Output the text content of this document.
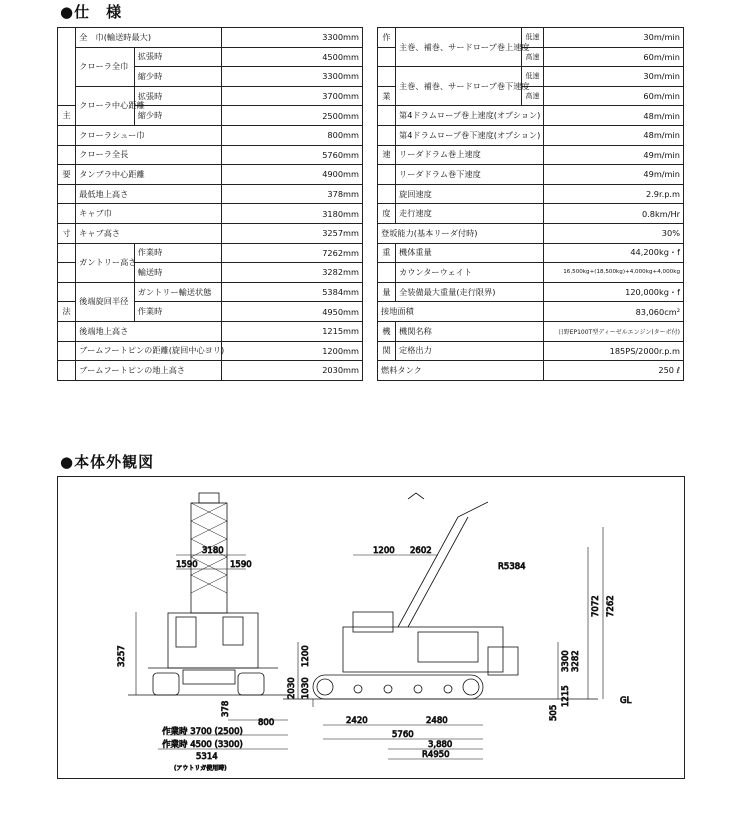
●仕　様
	全　巾(輸送時最大)		3300mm
	クローラ全巾	拡張時	4500mm
		縮少時	3300mm
	クローラ中心距離	拡張時	3700mm
主		縮少時	2500mm
	クローラシュー巾		800mm
	クローラ全長		5760mm
要	タンブラ中心距離		4900mm
	最低地上高さ		378mm
	キャブ巾		3180mm
寸	キャブ高さ		3257mm
	ガントリー高さ	作業時	7262mm
		輸送時	3282mm
	後端旋回半径	ガントリー輸送状態	5384mm
法		作業時	4950mm
	後端地上高さ		1215mm
	ブームフートピンの距離(旋回中心ヨリ)		1200mm
	ブームフートピンの地上高さ		2030mm
作	主巻、補巻、サードロープ巻上速度	低速	30m/min
		高速	60m/min
	主巻、補巻、サードロープ巻下速度	低速	30m/min
業		高速	60m/min
	第4ドラムロープ巻上速度(オプション)		48m/min
	第4ドラムロープ巻下速度(オプション)		48m/min
速	リーダドラム巻上速度		49m/min
	リーダドラム巻下速度		49m/min
	旋回速度		2.9r.p.m
度	走行速度		0.8km/Hr
登坂能力(基本リーダ付時)			30%
重	機体重量		44,200kg・f
	カウンターウェイト		16,500kg+(18,500kg)+4,000kg+4,000kg
量	全装備最大重量(走行限界)		120,000kg・f
接地面積			83,060cm²
機	機関名称		日野EP100T型ディーゼルエンジン(ターボ付)
関	定格出力		185PS/2000r.p.m
燃料タンク			250 ℓ
●本体外観図
3180
1590	1590
3257
378
800
作業時 3700 (2500)
作業時 4500 (3300)
5314
(アウトリガ使用時)
1200 2602
R5384
7072 7262
2030 1030
1200	3300 3282
1215
505
GL
2420	2480
5760
3,880
R4950
